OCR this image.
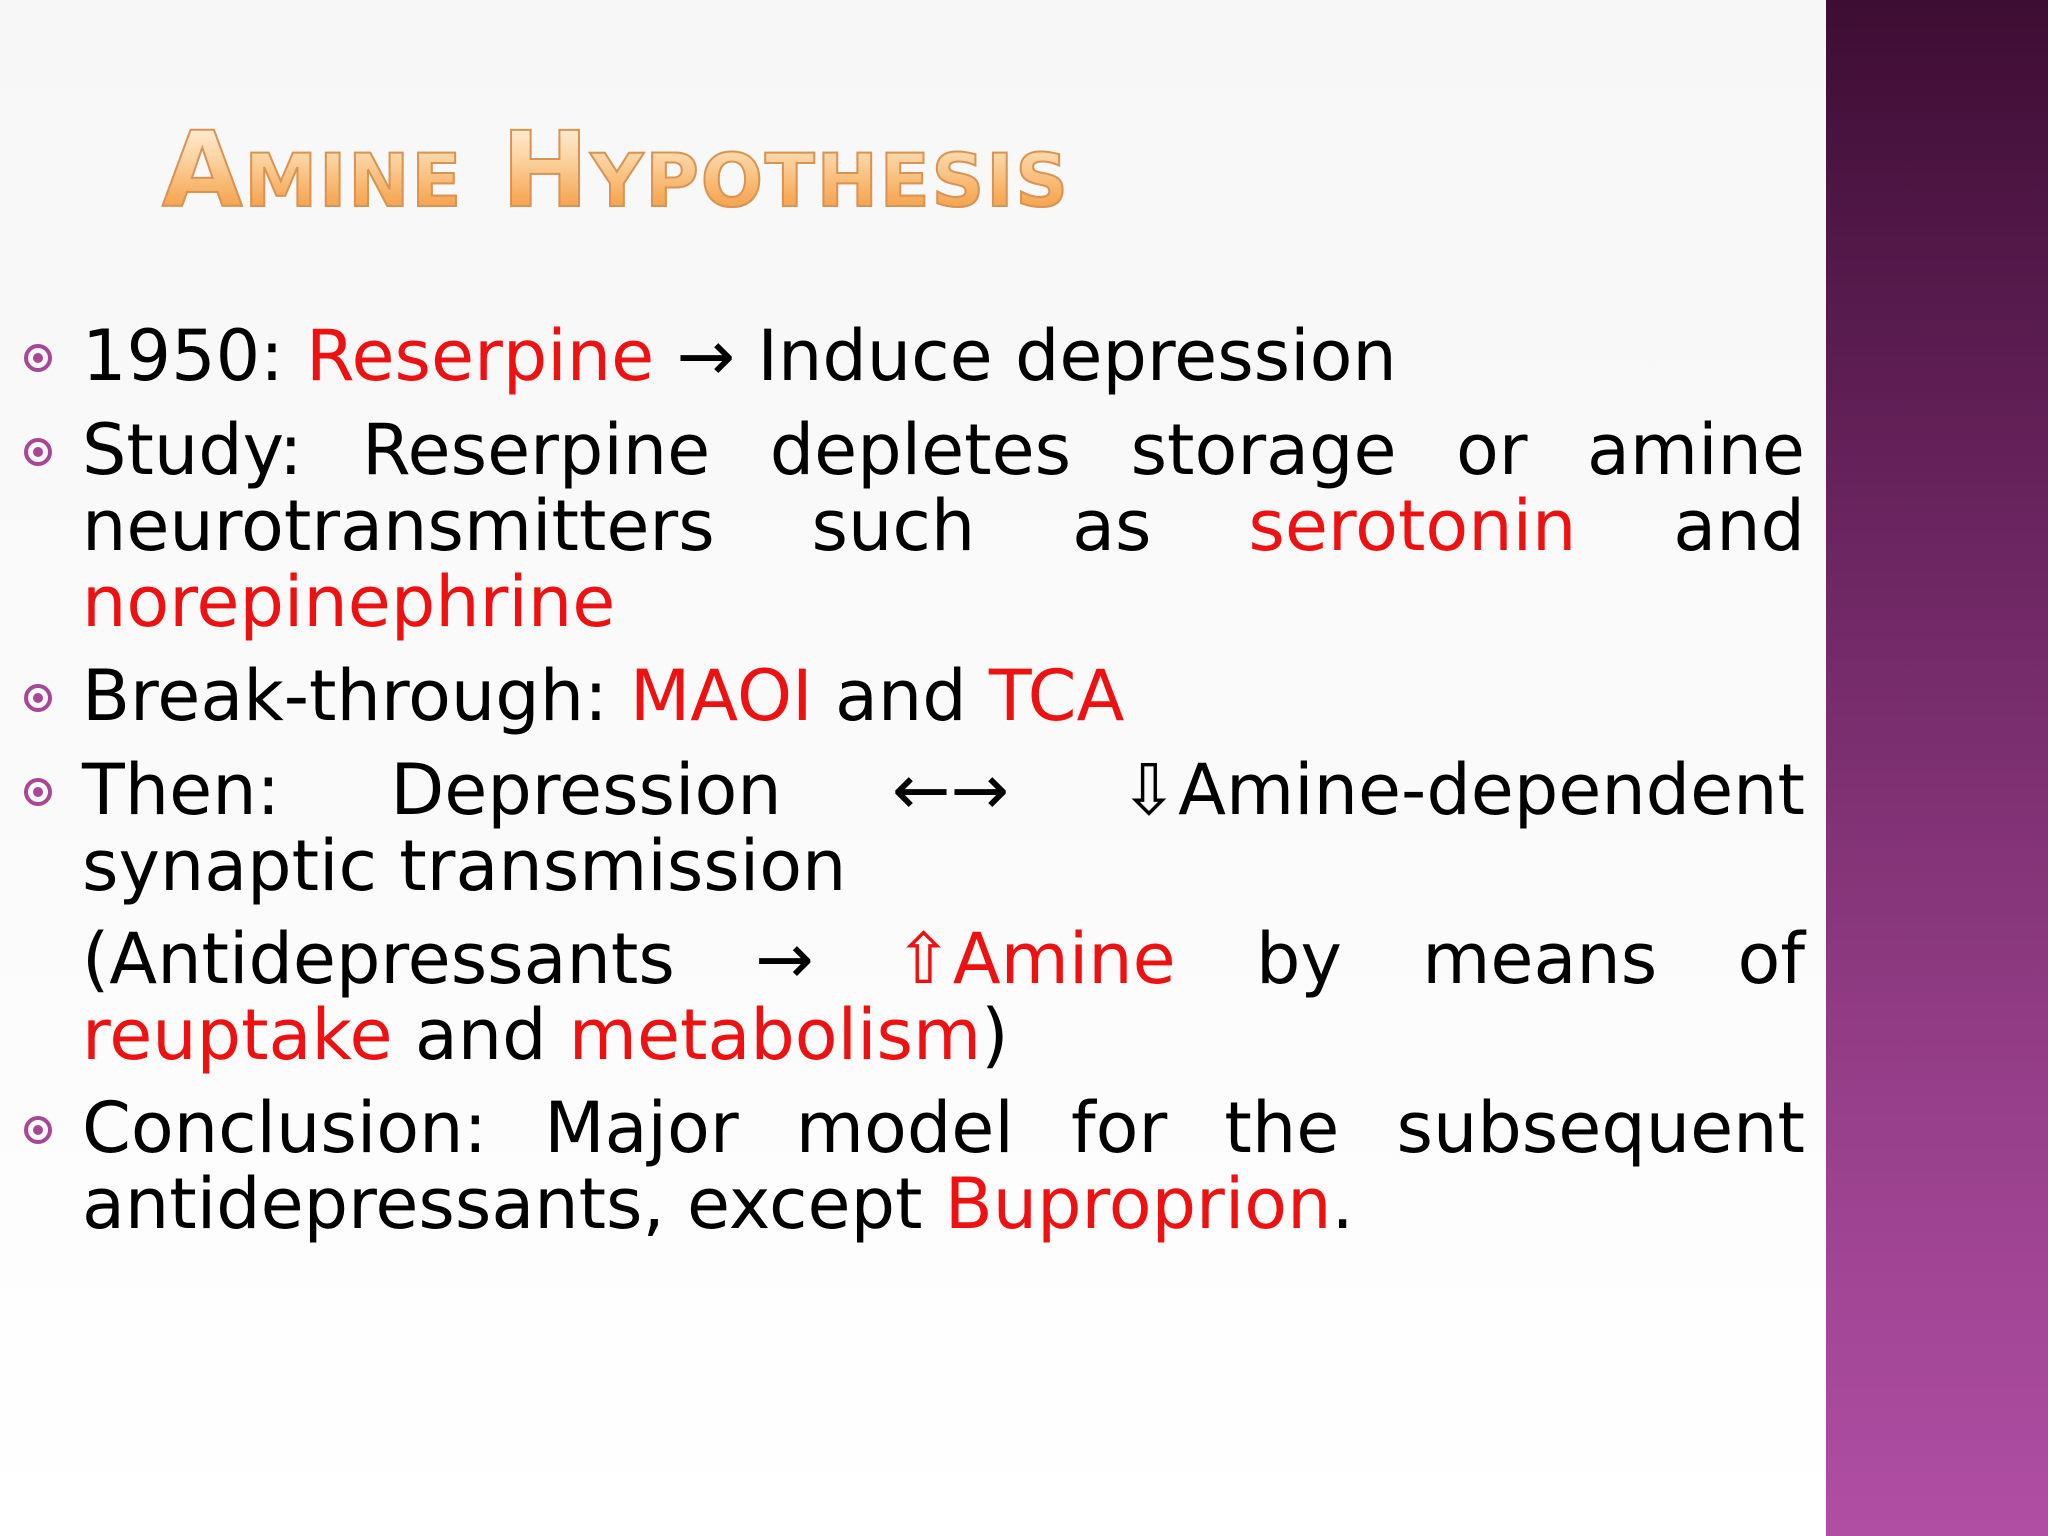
Amine Hypothesis

1950: Reserpine → Induce depression

Study: Reserpine depletes storage or amine neurotransmitters such as serotonin and norepinephrine

Break-through: MAOI and TCA

Then: Depression ←→ ⇩Amine-dependent synaptic transmission

(Antidepressants → ⇧Amine by means of reuptake and metabolism)

Conclusion: Major model for the subsequent antidepressants, except Buproprion.
